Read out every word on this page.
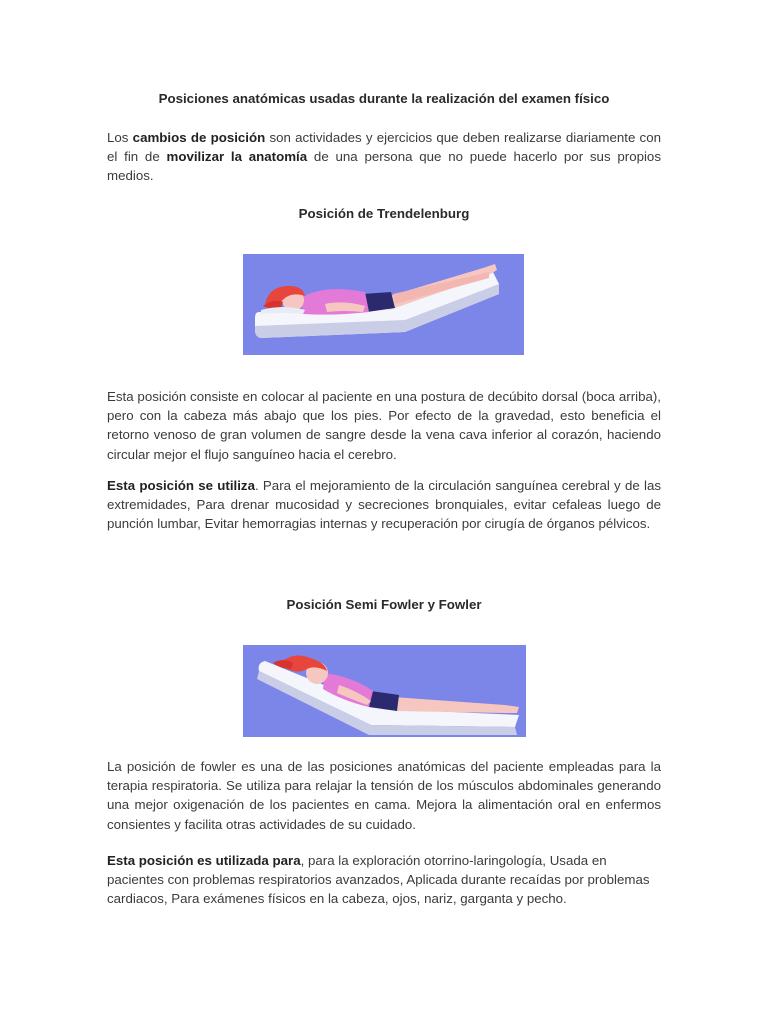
Posiciones anatómicas usadas durante la realización del examen físico
Los cambios de posición son actividades y ejercicios que deben realizarse diariamente con el fin de movilizar la anatomía de una persona que no puede hacerlo por sus propios medios.
Posición de Trendelenburg
Esta posición consiste en colocar al paciente en una postura de decúbito dorsal (boca arriba), pero con la cabeza más abajo que los pies. Por efecto de la gravedad, esto beneficia el retorno venoso de gran volumen de sangre desde la vena cava inferior al corazón, haciendo circular mejor el flujo sanguíneo hacia el cerebro.
Esta posición se utiliza. Para el mejoramiento de la circulación sanguínea cerebral y de las extremidades, Para drenar mucosidad y secreciones bronquiales, evitar cefaleas luego de punción lumbar, Evitar hemorragias internas y recuperación por cirugía de órganos pélvicos.
Posición Semi Fowler y Fowler
La posición de fowler es una de las posiciones anatómicas del paciente empleadas para la terapia respiratoria. Se utiliza para relajar la tensión de los músculos abdominales generando una mejor oxigenación de los pacientes en cama. Mejora la alimentación oral en enfermos consientes y facilita otras actividades de su cuidado.
Esta posición es utilizada para, para la exploración otorrino-laringología, Usada en pacientes con problemas respiratorios avanzados, Aplicada durante recaídas por problemas cardiacos, Para exámenes físicos en la cabeza, ojos, nariz, garganta y pecho.
